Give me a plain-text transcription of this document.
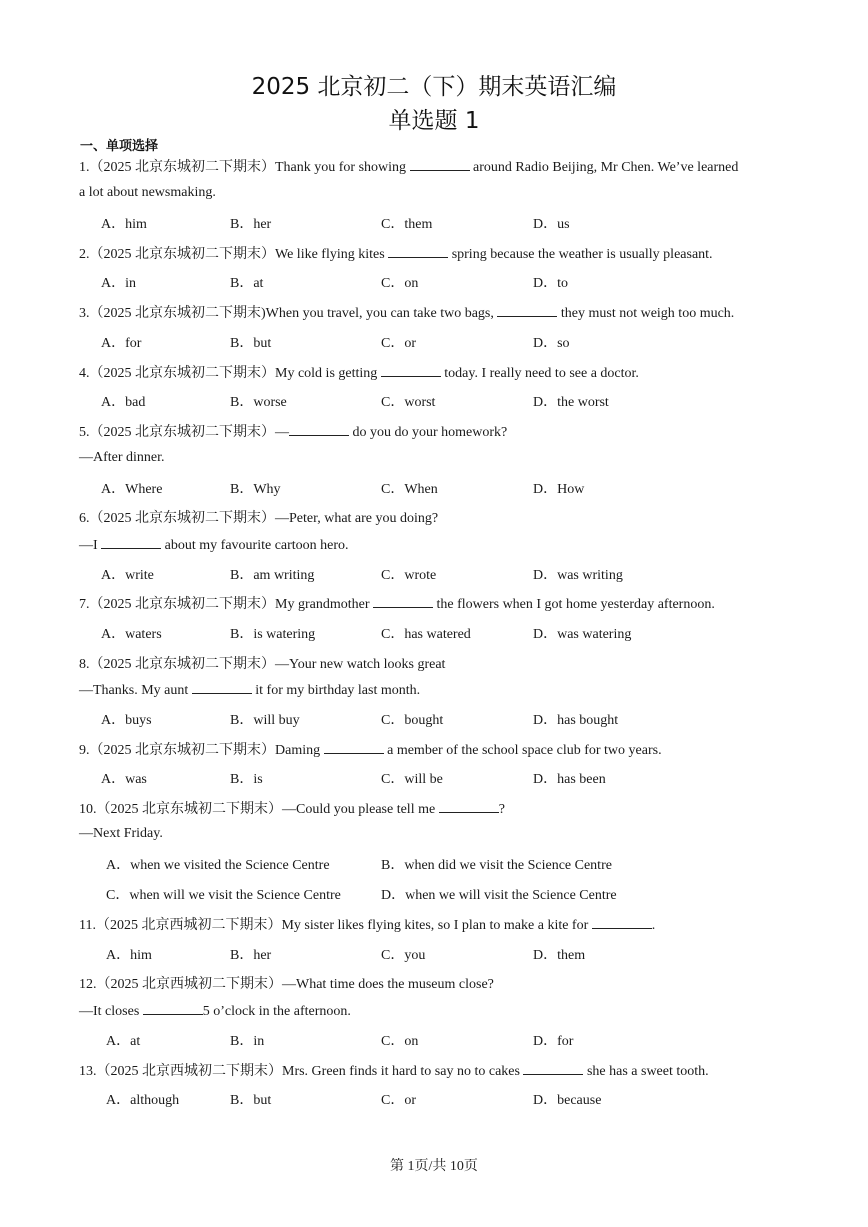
2025 北京初二（下）期末英语汇编
单选题 1
一、单项选择
1.（2025 北京东城初二下期末）Thank you for showing	around Radio Beijing, Mr Chen. We’ve learned
a lot about newsmaking.
A．him	B．her	C．them	D．us
2.（2025 北京东城初二下期末）We like flying kites	spring because the weather is usually pleasant.
A．in	B．at	C．on	D．to
3.（2025 北京东城初二下期末)When you travel, you can take two bags,	they must not weigh too much.
A．for	B．but	C．or	D．so
4.（2025 北京东城初二下期末）My cold is getting	today. I really need to see a doctor.
A．bad	B．worse	C．worst	D．the worst
5.（2025 北京东城初二下期末）—	do you do your homework?
—After dinner.
A．Where	B．Why	C．When	D．How
6.（2025 北京东城初二下期末）—Peter, what are you doing?
—I	about my favourite cartoon hero.
A．write	B．am writing	C．wrote	D．was writing
7.（2025 北京东城初二下期末）My grandmother	the flowers when I got home yesterday afternoon.
A．waters	B．is watering	C．has watered	D．was watering
8.（2025 北京东城初二下期末）—Your new watch looks great
—Thanks. My aunt	it for my birthday last month.
A．buys	B．will buy	C．bought	D．has bought
9.（2025 北京东城初二下期末）Daming	a member of the school space club for two years.
A．was	B．is	C．will be	D．has been
10.（2025 北京东城初二下期末）—Could you please tell me	?
—Next Friday.
A．when we visited the Science Centre	B．when did we visit the Science Centre
C．when will we visit the Science Centre	D．when we will visit the Science Centre
11.（2025 北京西城初二下期末）My sister likes flying kites, so I plan to make a kite for	.
A．him	B．her	C．you	D．them
12.（2025 北京西城初二下期末）—What time does the museum close?
—It closes	5 o’clock in the afternoon.
A．at	B．in	C．on	D．for
13.（2025 北京西城初二下期末）Mrs. Green finds it hard to say no to cakes	she has a sweet tooth.
A．although	B．but	C．or	D．because
第 1页/共 10页
